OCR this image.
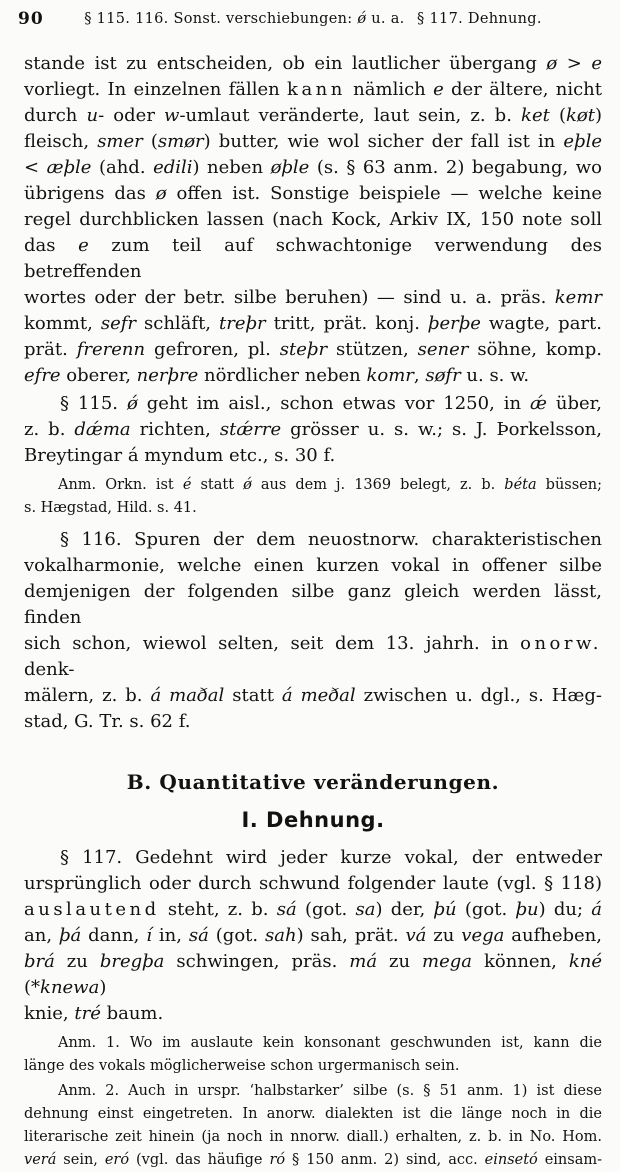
90	§ 115. 116. Sonst. verschiebungen: ǿ u. a.  § 117. Dehnung.
stande ist zu entscheiden, ob ein lautlicher übergang ø > e
vorliegt. In einzelnen fällen kann nämlich e der ältere, nicht
durch u- oder w-umlaut veränderte, laut sein, z. b. ket (køt)
fleisch, smer (smør) butter, wie wol sicher der fall ist in eþle
< æþle (ahd. edili) neben øþle (s. § 63 anm. 2) begabung, wo
übrigens das ø offen ist. Sonstige beispiele — welche keine
regel durchblicken lassen (nach Kock, Arkiv IX, 150 note soll
das e zum teil auf schwachtonige verwendung des betreffenden
wortes oder der betr. silbe beruhen) — sind u. a. präs. kemr
kommt, sefr schläft, treþr tritt, prät. konj. þerþe wagte, part.
prät. frerenn gefroren, pl. steþr stützen, sener söhne, komp.
efre oberer, nerþre nördlicher neben komr, søfr u. s. w.
§ 115. ǿ geht im aisl., schon etwas vor 1250, in ǽ über,
z. b. dǽma richten, stǽrre grösser u. s. w.; s. J. Þorkelsson,
Breytingar á myndum etc., s. 30 f.
Anm. Orkn. ist é statt ǿ aus dem j. 1369 belegt, z. b. béta büssen;
s. Hægstad, Hild. s. 41.
§ 116. Spuren der dem neuostnorw. charakteristischen
vokalharmonie, welche einen kurzen vokal in offener silbe
demjenigen der folgenden silbe ganz gleich werden lässt, finden
sich schon, wiewol selten, seit dem 13. jahrh. in onorw. denk-
mälern, z. b. á maðal statt á meðal zwischen u. dgl., s. Hæg-
stad, G. Tr. s. 62 f.
B. Quantitative veränderungen.
I. Dehnung.
§ 117. Gedehnt wird jeder kurze vokal, der entweder
ursprünglich oder durch schwund folgender laute (vgl. § 118)
auslautend steht, z. b. sá (got. sa) der, þú (got. þu) du; á
an, þá dann, í in, sá (got. sah) sah, prät. vá zu vega aufheben,
brá zu bregþa schwingen, präs. má zu mega können, kné (*knewa)
knie, tré baum.
Anm. 1. Wo im auslaute kein konsonant geschwunden ist, kann die
länge des vokals möglicherweise schon urgermanisch sein.
Anm. 2. Auch in urspr. ‘halbstarker’ silbe (s. § 51 anm. 1) ist diese
dehnung einst eingetreten. In anorw. dialekten ist die länge noch in die
literarische zeit hinein (ja noch in nnorw. diall.) erhalten, z. b. in No. Hom.
verá sein, eró (vgl. das häufige ró § 150 anm. 2) sind, acc. einsetó einsam-
